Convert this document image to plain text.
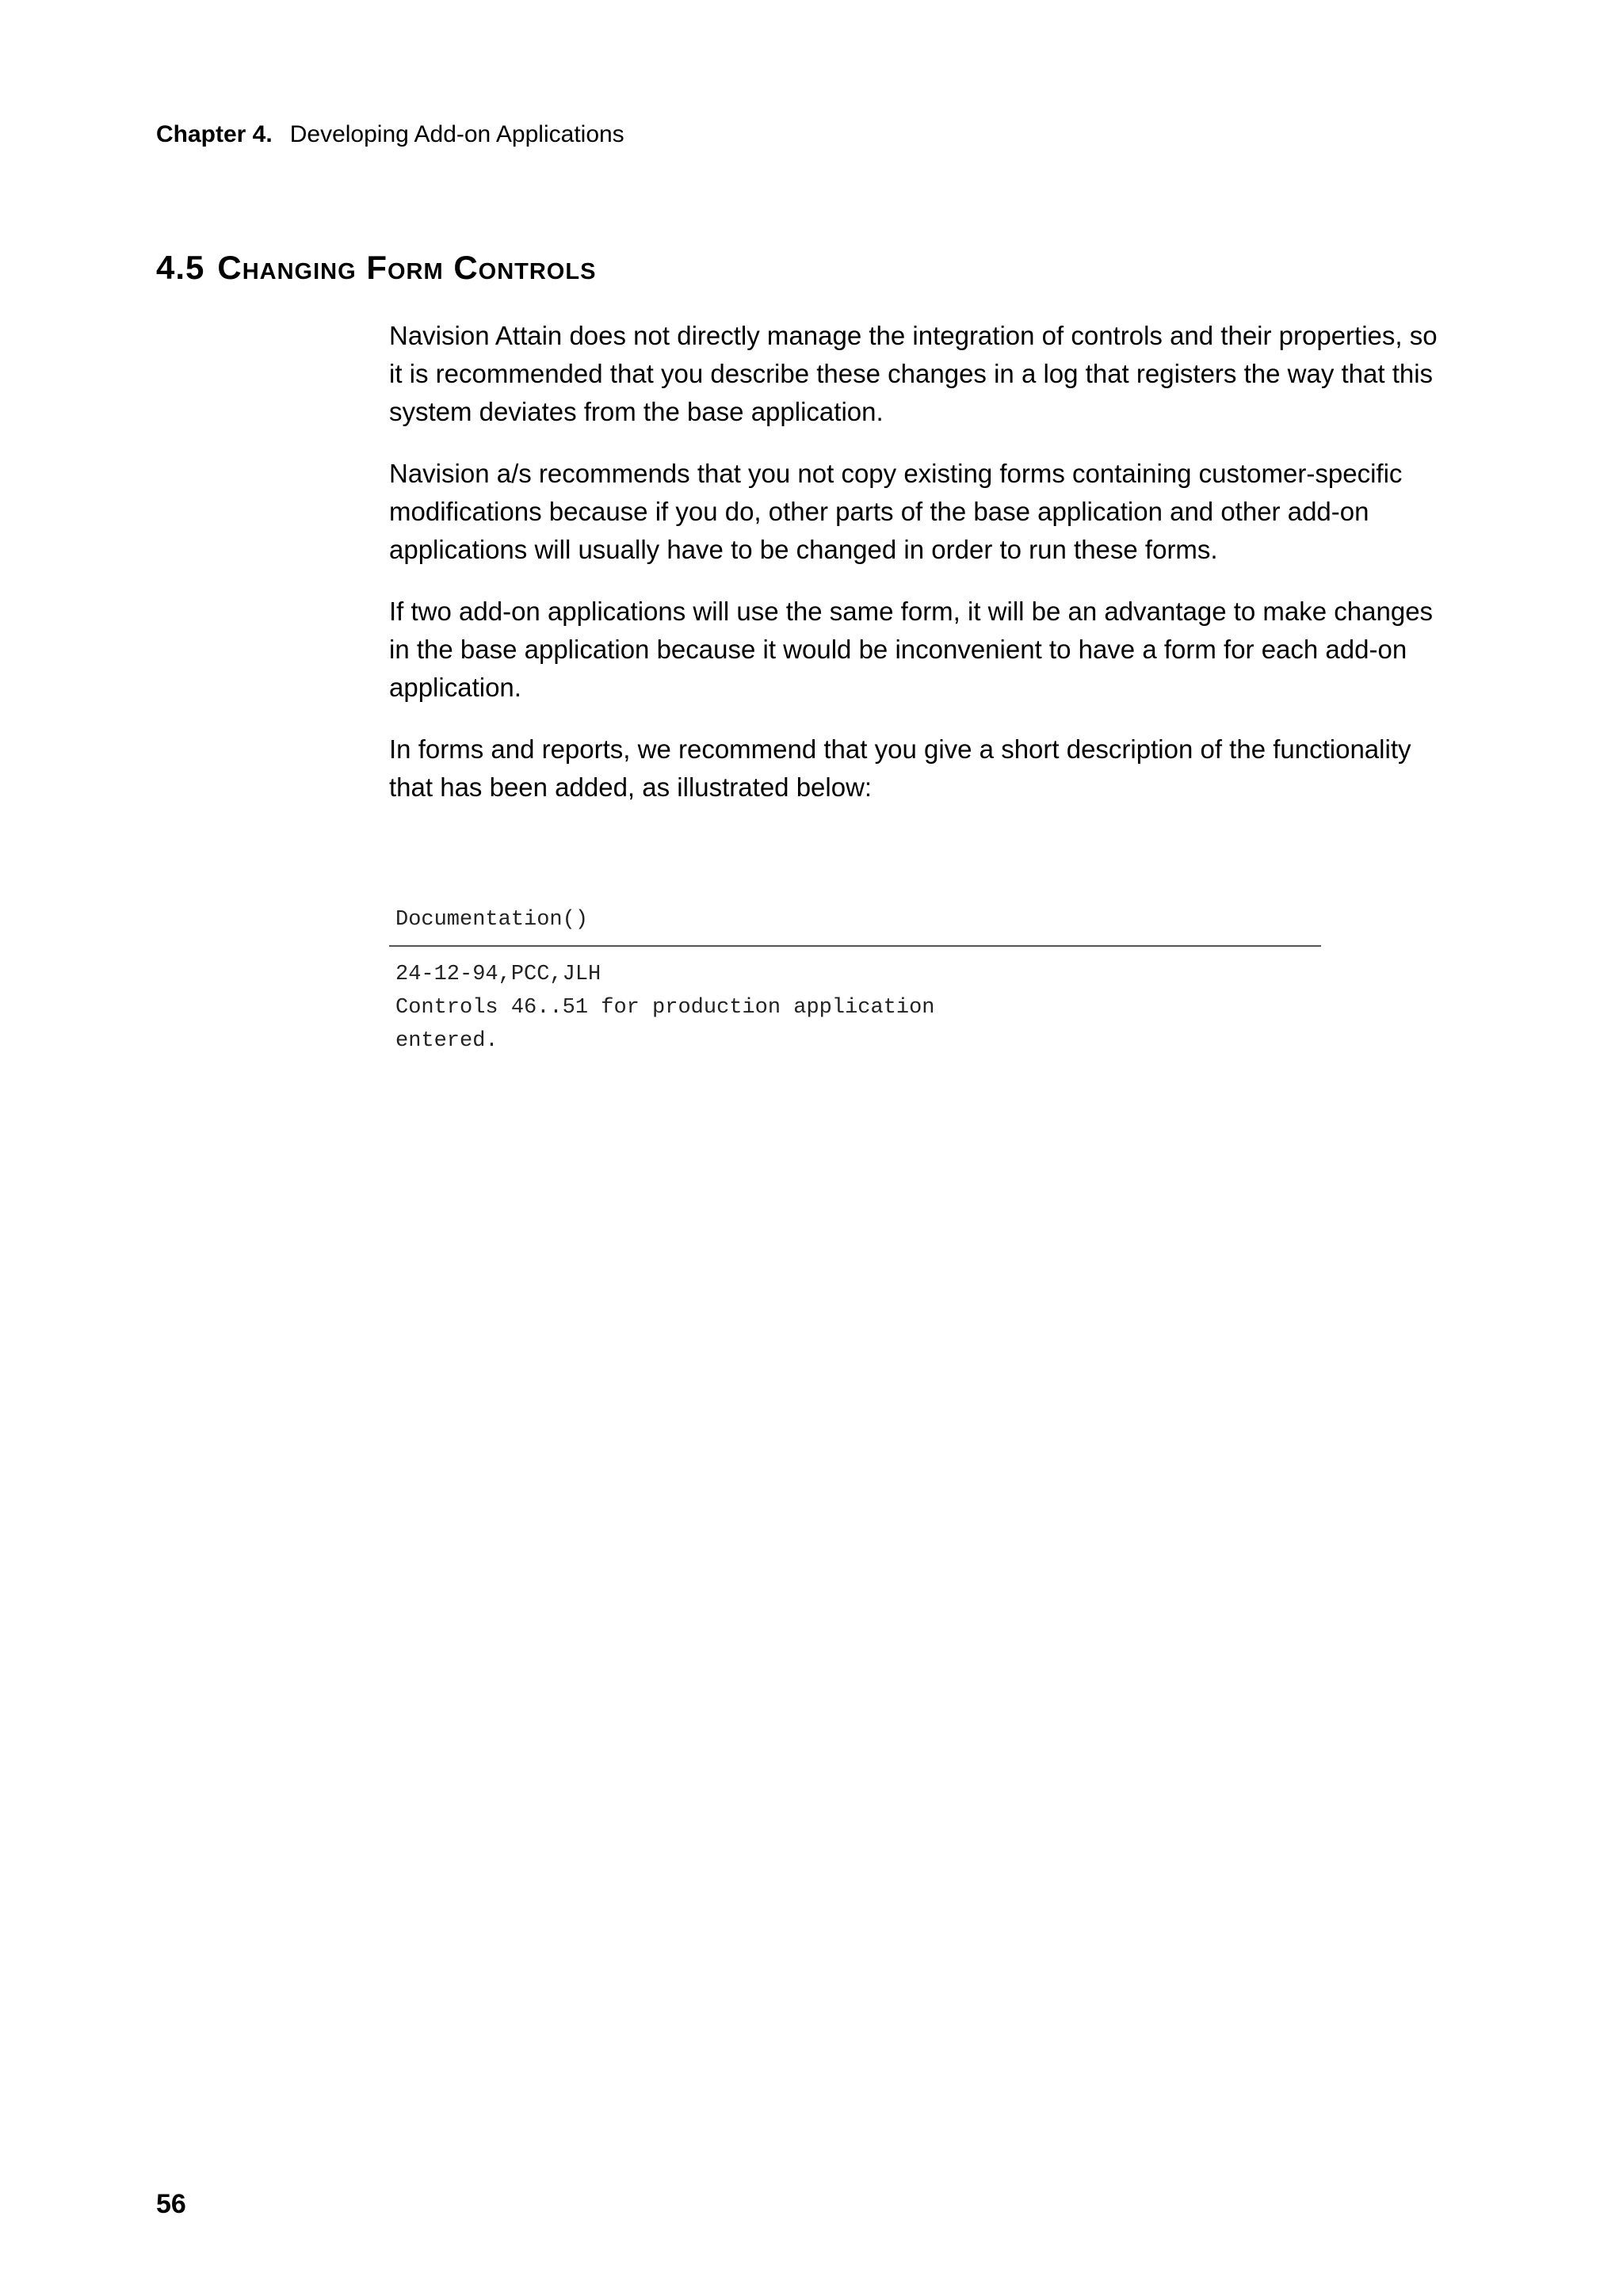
Chapter 4. Developing Add-on Applications
4.5 Changing Form Controls

Navision Attain does not directly manage the integration of controls and their properties, so it is recommended that you describe these changes in a log that registers the way that this system deviates from the base application.

Navision a/s recommends that you not copy existing forms containing customer-specific modifications because if you do, other parts of the base application and other add-on applications will usually have to be changed in order to run these forms.

If two add-on applications will use the same form, it will be an advantage to make changes in the base application because it would be inconvenient to have a form for each add-on application.

In forms and reports, we recommend that you give a short description of the functionality that has been added, as illustrated below:

Documentation()
24-12-94,PCC,JLH
Controls 46..51 for production application
entered.
56
